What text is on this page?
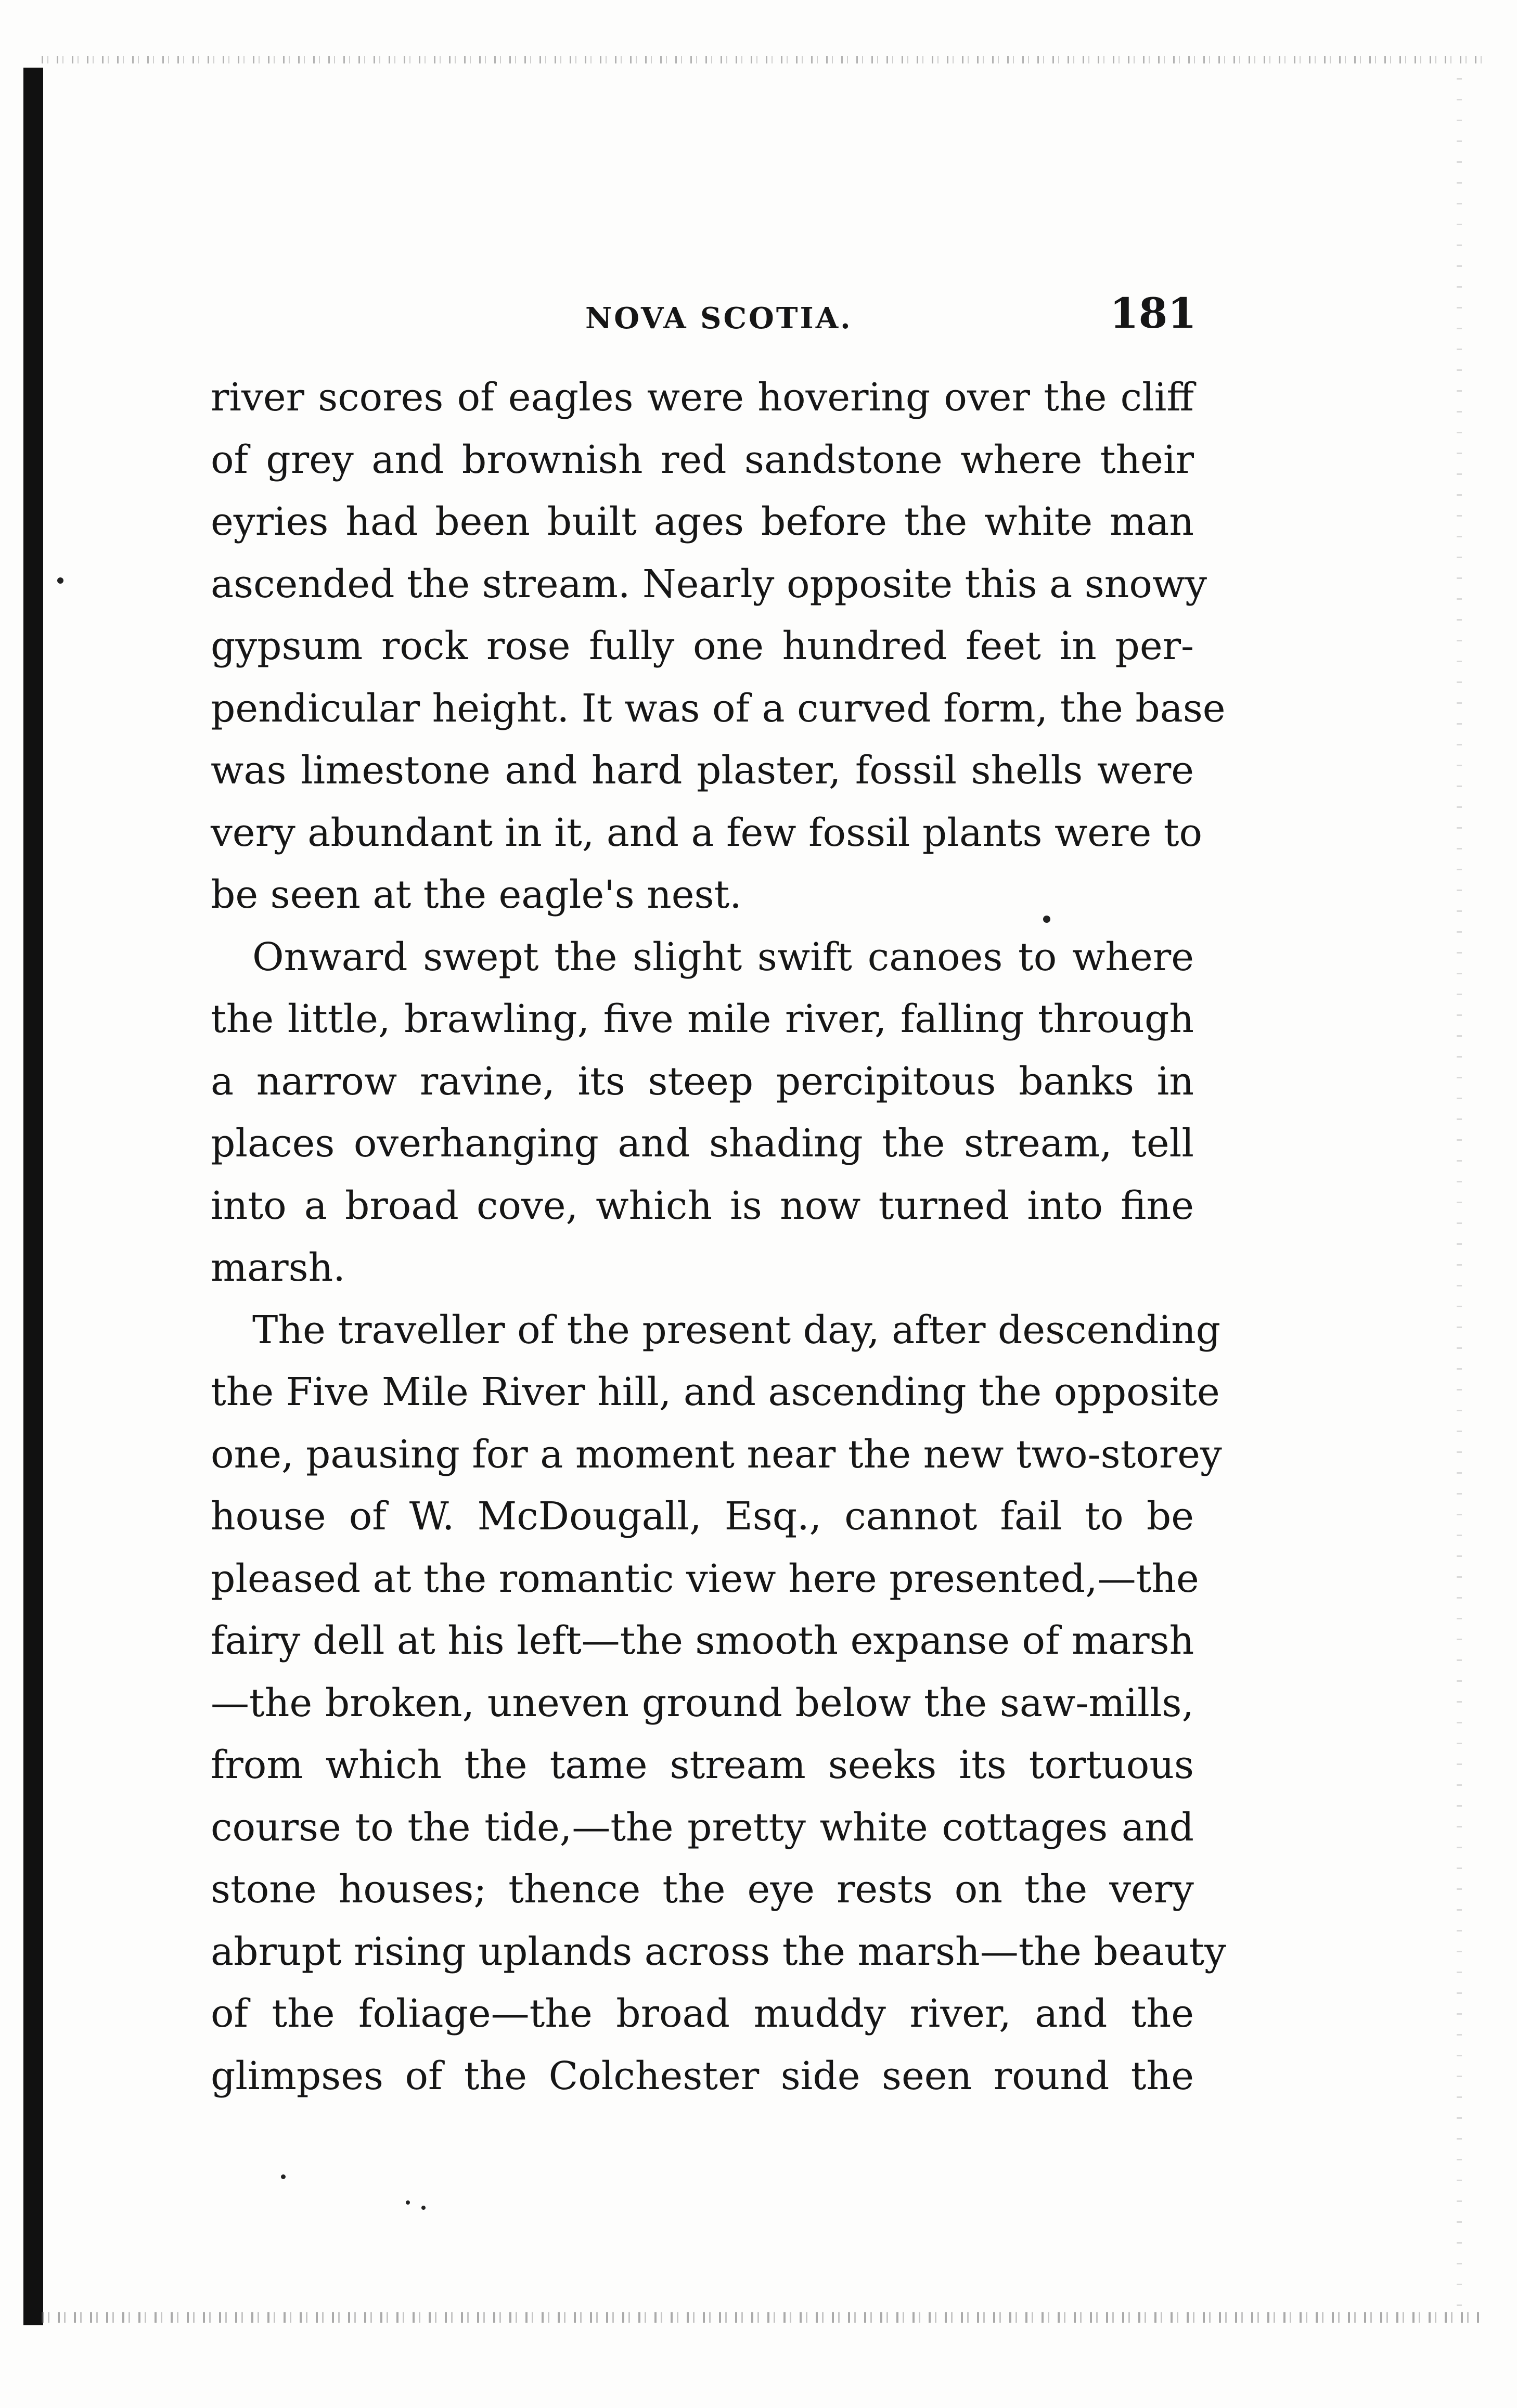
NOVA SCOTIA.	181
river scores of eagles were hovering over the cliff
of grey and brownish red sandstone where their
eyries had been built ages before the white man
ascended the stream. Nearly opposite this a snowy
gypsum rock rose fully one hundred feet in per-
pendicular height. It was of a curved form, the base
was limestone and hard plaster, fossil shells were
very abundant in it, and a few fossil plants were to
be seen at the eagle's nest.
Onward swept the slight swift canoes to where
the little, brawling, five mile river, falling through
a narrow ravine, its steep percipitous banks in
places overhanging and shading the stream, tell
into a broad cove, which is now turned into fine
marsh.
The traveller of the present day, after descending
the Five Mile River hill, and ascending the opposite
one, pausing for a moment near the new two-storey
house of W. McDougall, Esq., cannot fail to be
pleased at the romantic view here presented,—the
fairy dell at his left—the smooth expanse of marsh
—the broken, uneven ground below the saw-mills,
from which the tame stream seeks its tortuous
course to the tide,—the pretty white cottages and
stone houses; thence the eye rests on the very
abrupt rising uplands across the marsh—the beauty
of the foliage—the broad muddy river, and the
glimpses of the Colchester side seen round the
